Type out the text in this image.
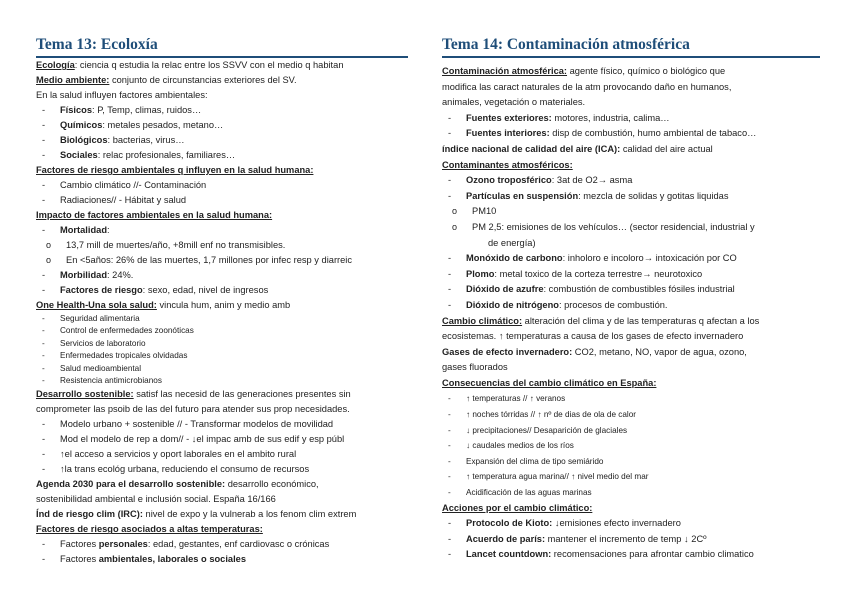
Tema 13: Ecoloxía
Ecología: ciencia q estudia la relac entre los SSVV con el medio q habitan
Medio ambiente: conjunto de circunstancias exteriores del SV.
En la salud influyen factores ambientales:
- Físicos: P, Temp, climas, ruidos…
- Químicos: metales pesados, metano…
- Biológicos: bacterias, virus…
- Sociales: relac profesionales, familiares…
Factores de riesgo ambientales q influyen en la salud humana:
- Cambio climático //- Contaminación
- Radiaciones// - Hábitat y salud
Impacto de factores ambientales en la salud humana:
- Mortalidad:
o 13,7 mill de muertes/año, +8mill enf no transmisibles.
o En <5años: 26% de las muertes, 1,7 millones por infec resp y diarreic
- Morbilidad: 24%.
- Factores de riesgo: sexo, edad, nivel de ingresos
One Health-Una sola salud: vincula hum, anim y medio amb
- Seguridad alimentaria
- Control de enfermedades zoonóticas
- Servicios de laboratorio
- Enfermedades tropicales olvidadas
- Salud medioambiental
- Resistencia antimicrobianos
Desarrollo sostenible: satisf las necesid de las generaciones presentes sin
comprometer las psoib de las del futuro para atender sus prop necesidades.
- Modelo urbano + sostenible // - Transformar modelos de movilidad
- Mod el modelo de rep a dom// - ↓el impac amb de sus edif y esp públ
- ↑el acceso a servicios y oport laborales en el ambito rural
- ↑la trans ecológ urbana, reduciendo el consumo de recursos
Agenda 2030 para el desarrollo sostenible: desarrollo económico,
sostenibilidad ambiental e inclusión social. España 16/166
Índ de riesgo clim (IRC): nivel de expo y la vulnerab a los fenom clim extrem
Factores de riesgo asociados a altas temperaturas:
- Factores personales: edad, gestantes, enf cardiovasc o crónicas
- Factores ambientales, laborales o sociales
Tema 14: Contaminación atmosférica
Contaminación atmosférica: agente físico, químico o biológico que
modifica las caract naturales de la atm provocando daño en humanos,
animales, vegetación o materiales.
- Fuentes exteriores: motores, industria, calima…
- Fuentes interiores: disp de combustión, humo ambiental de tabaco…
índice nacional de calidad del aire (ICA): calidad del aire actual
Contaminantes atmosféricos:
- Ozono troposférico: 3at de O2→ asma
- Partículas en suspensión: mezcla de solidas y gotitas liquidas
o PM10
o PM 2,5: emisiones de los vehículos… (sector residencial, industrial y
de energía)
- Monóxido de carbono: inholoro e incoloro→ intoxicación por CO
- Plomo: metal toxico de la corteza terrestre→ neurotoxico
- Dióxido de azufre: combustión de combustibles fósiles industrial
- Dióxido de nitrógeno: procesos de combustión.
Cambio climático: alteración del clima y de las temperaturas q afectan a los
ecosistemas. ↑ temperaturas a causa de los gases de efecto invernadero
Gases de efecto invernadero: CO2, metano, NO, vapor de agua, ozono,
gases fluorados
Consecuencias del cambio climático en España:
- ↑ temperaturas // ↑ veranos
- ↑ noches tórridas // ↑ nº de dias de ola de calor
- ↓ precipitaciones// Desaparición de glaciales
- ↓ caudales medios de los ríos
- Expansión del clima de tipo semiárido
- ↑ temperatura agua marina// ↑ nivel medio del mar
- Acidificación de las aguas marinas
Acciones por el cambio climático:
- Protocolo de Kioto: ↓emisiones efecto invernadero
- Acuerdo de parís: mantener el incremento de temp ↓ 2Cº
- Lancet countdown: recomensaciones para afrontar cambio climatico
